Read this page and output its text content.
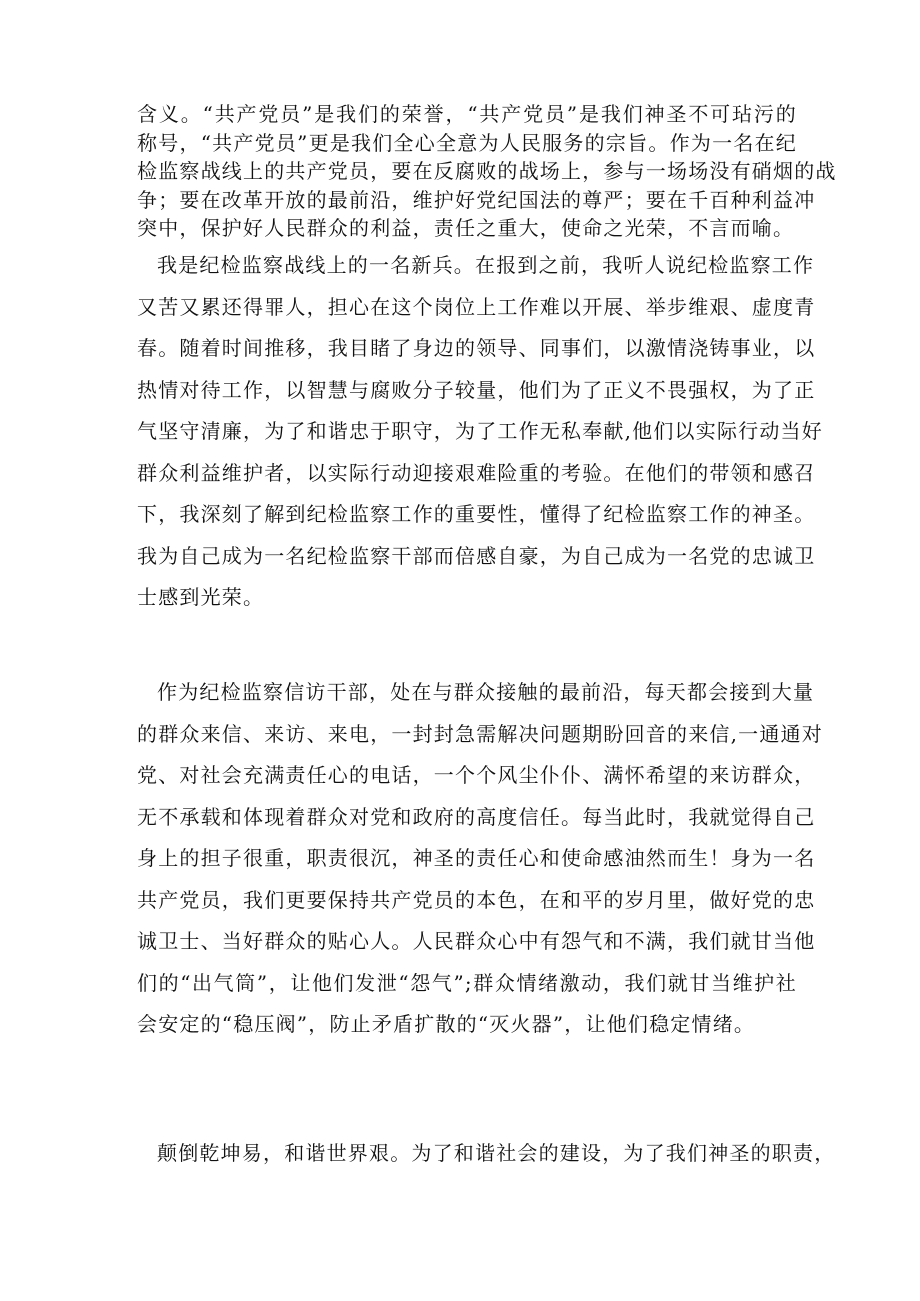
含义。“共产党员”是我们的荣誉，“共产党员”是我们神圣不可玷污的
称号，“共产党员”更是我们全心全意为人民服务的宗旨。作为一名在纪
检监察战线上的共产党员，要在反腐败的战场上，参与一场场没有硝烟的战
争；要在改革开放的最前沿，维护好党纪国法的尊严；要在千百种利益冲
突中，保护好人民群众的利益，责任之重大，使命之光荣，不言而喻。
我是纪检监察战线上的一名新兵。在报到之前，我听人说纪检监察工作
又苦又累还得罪人，担心在这个岗位上工作难以开展、举步维艰、虚度青
春。随着时间推移，我目睹了身边的领导、同事们，以激情浇铸事业，以
热情对待工作，以智慧与腐败分子较量，他们为了正义不畏强权，为了正
气坚守清廉，为了和谐忠于职守，为了工作无私奉献,他们以实际行动当好
群众利益维护者，以实际行动迎接艰难险重的考验。在他们的带领和感召
下，我深刻了解到纪检监察工作的重要性，懂得了纪检监察工作的神圣。
我为自己成为一名纪检监察干部而倍感自豪，为自己成为一名党的忠诚卫
士感到光荣。
作为纪检监察信访干部，处在与群众接触的最前沿，每天都会接到大量
的群众来信、来访、来电，一封封急需解决问题期盼回音的来信,一通通对
党、对社会充满责任心的电话，一个个风尘仆仆、满怀希望的来访群众，
无不承载和体现着群众对党和政府的高度信任。每当此时，我就觉得自己
身上的担子很重，职责很沉，神圣的责任心和使命感油然而生！身为一名
共产党员，我们更要保持共产党员的本色，在和平的岁月里，做好党的忠
诚卫士、当好群众的贴心人。人民群众心中有怨气和不满，我们就甘当他
们的“出气筒”，让他们发泄“怨气”;群众情绪激动，我们就甘当维护社
会安定的“稳压阀”，防止矛盾扩散的“灭火器”，让他们稳定情绪。
颠倒乾坤易，和谐世界艰。为了和谐社会的建设，为了我们神圣的职责，
